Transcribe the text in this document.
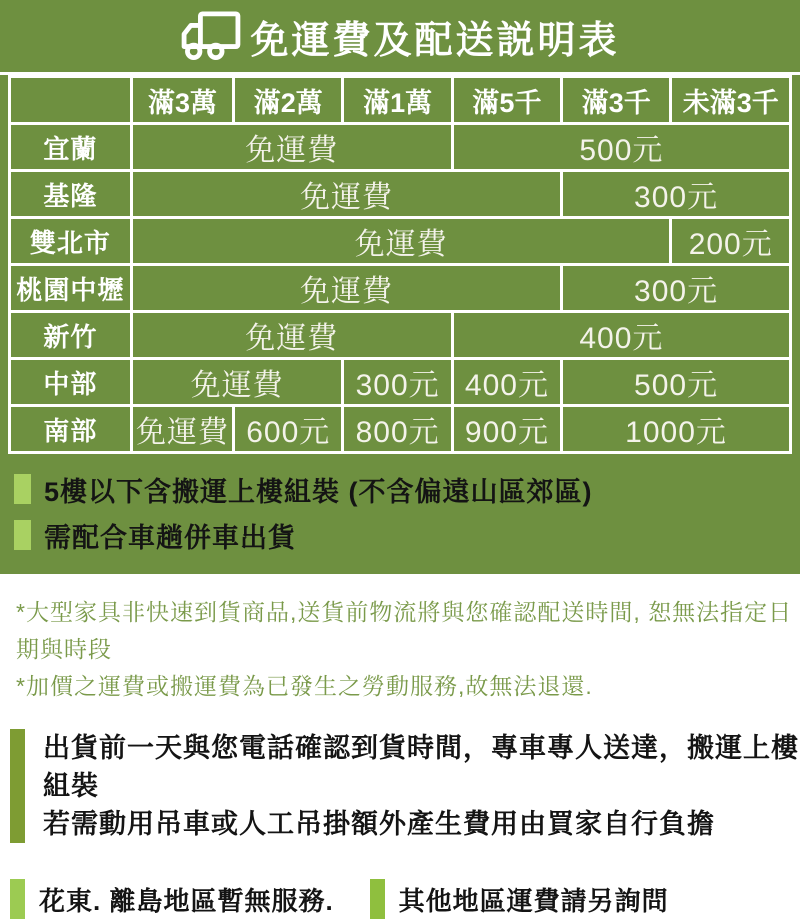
免運費及配送説明表
	滿3萬	滿2萬	滿1萬	滿5千	滿3千	未滿3千
宜蘭	免運費			500元		
基隆	免運費				300元	
雙北市	免運費					200元
桃園中壢	免運費				300元	
新竹	免運費			400元		
中部	免運費		300元	400元	500元	
南部	免運費	600元	800元	900元	1000元	
5樓以下含搬運上樓組裝 (不含偏遠山區郊區)
需配合車趟併車出貨

*大型家具非快速到貨商品,送貨前物流將與您確認配送時間, 恕無法指定日期與時段

*加價之運費或搬運費為已發生之勞動服務,故無法退還.

出貨前一天與您電話確認到貨時間，專車專人送達，搬運上樓組裝
若需動用吊車或人工吊掛額外產生費用由買家自行負擔
花東. 離島地區暫無服務.	其他地區運費請另詢問
